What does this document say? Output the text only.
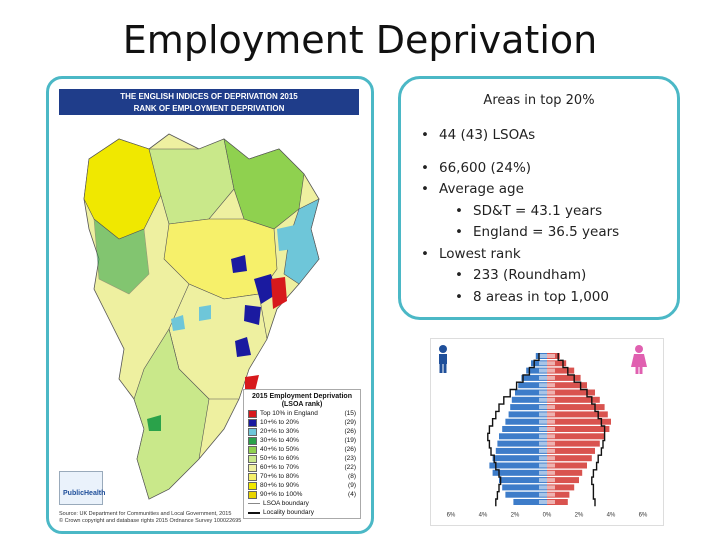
Employment Deprivation
THE ENGLISH INDICES OF DEPRIVATION 2015
RANK OF EMPLOYMENT DEPRIVATION
PublicHealth
2015 Employment Deprivation
(LSOA rank)
Top 10% in England	(15)
10+% to 20%	(29)
20+% to 30%	(26)
30+% to 40%	(19)
40+% to 50%	(26)
50+% to 60%	(23)
60+% to 70%	(22)
70+% to 80%	(8)
80+% to 90%	(9)
90+% to 100%	(4)
LSOA boundary
Locality boundary
Source: UK Department for Communities and Local Government, 2015
© Crown copyright and database rights 2015 Ordnance Survey 100022695
Areas in top 20%
• 44 (43) LSOAs
• 66,600 (24%)
• Average age
• SD&T = 43.1 years
• England = 36.5 years
• Lowest rank
• 233 (Roundham)
• 8 areas in top 1,000
6%	4%	2%	0%	2%	4%	6%
